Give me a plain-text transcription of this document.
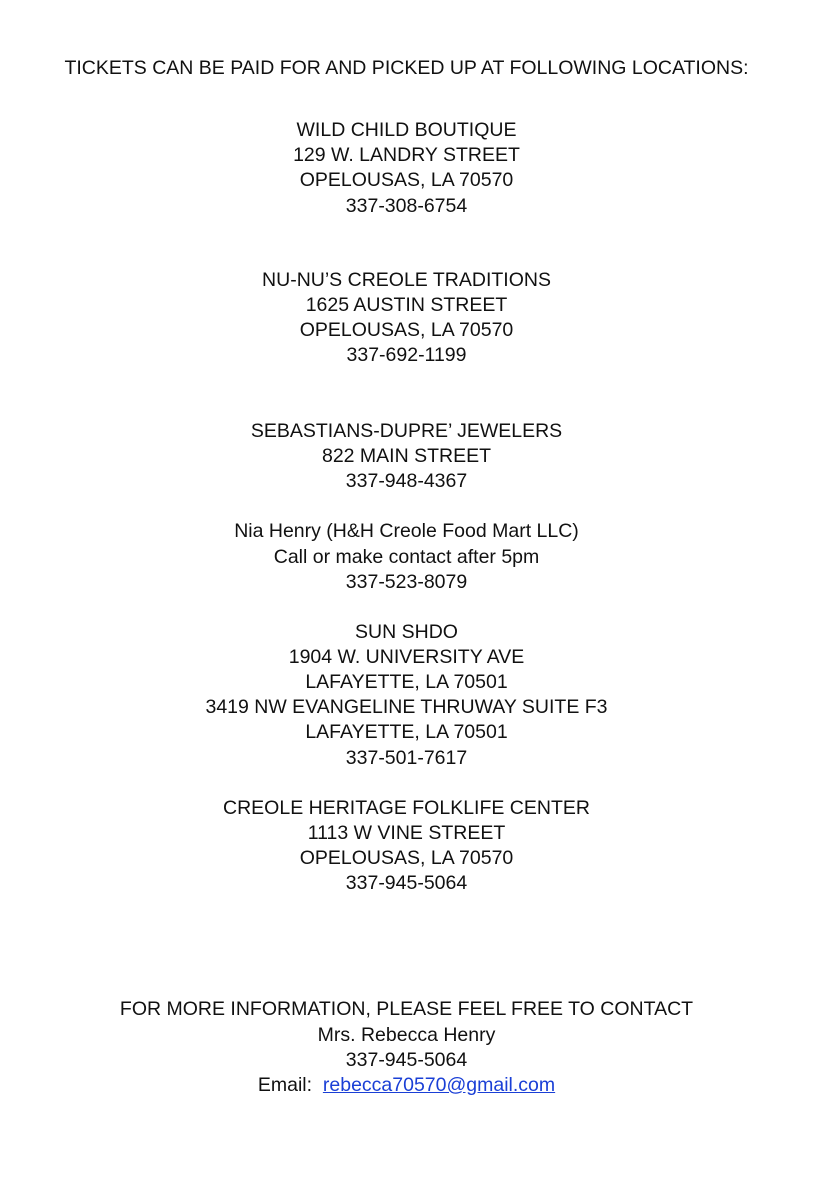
TICKETS CAN BE PAID FOR AND PICKED UP AT FOLLOWING LOCATIONS:
WILD CHILD BOUTIQUE
129 W. LANDRY STREET
OPELOUSAS, LA 70570
337-308-6754
NU-NU’S CREOLE TRADITIONS
1625 AUSTIN STREET
OPELOUSAS, LA 70570
337-692-1199
SEBASTIANS-DUPRE’ JEWELERS
822 MAIN STREET
337-948-4367
Nia Henry (H&H Creole Food Mart LLC)
Call or make contact after 5pm
337-523-8079
SUN SHDO
1904 W. UNIVERSITY AVE
LAFAYETTE, LA 70501
3419 NW EVANGELINE THRUWAY SUITE F3
LAFAYETTE, LA 70501
337-501-7617
CREOLE HERITAGE FOLKLIFE CENTER
1113 W VINE STREET
OPELOUSAS, LA 70570
337-945-5064
FOR MORE INFORMATION, PLEASE FEEL FREE TO CONTACT
Mrs. Rebecca Henry
337-945-5064
Email: rebecca70570@gmail.com
